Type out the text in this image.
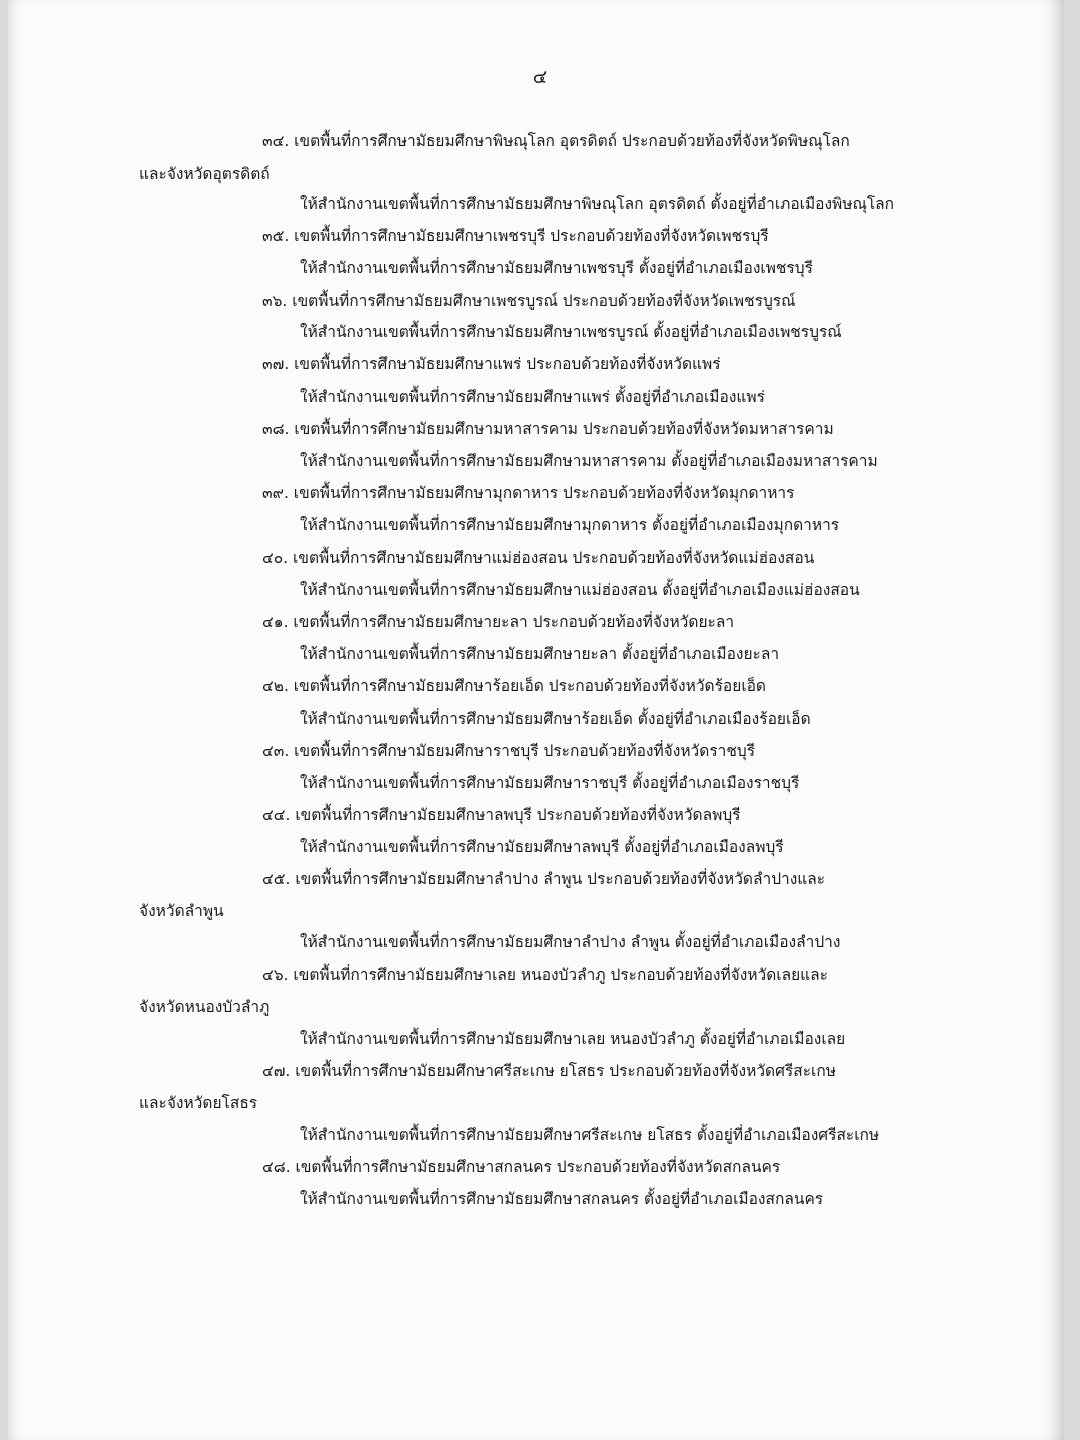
๔
๓๔. เขตพื้นที่การศึกษามัธยมศึกษาพิษณุโลก อุตรดิตถ์ ประกอบด้วยท้องที่จังหวัดพิษณุโลก
และจังหวัดอุตรดิตถ์
ให้สำนักงานเขตพื้นที่การศึกษามัธยมศึกษาพิษณุโลก อุตรดิตถ์ ตั้งอยู่ที่อำเภอเมืองพิษณุโลก
๓๕. เขตพื้นที่การศึกษามัธยมศึกษาเพชรบุรี ประกอบด้วยท้องที่จังหวัดเพชรบุรี
ให้สำนักงานเขตพื้นที่การศึกษามัธยมศึกษาเพชรบุรี ตั้งอยู่ที่อำเภอเมืองเพชรบุรี
๓๖. เขตพื้นที่การศึกษามัธยมศึกษาเพชรบูรณ์ ประกอบด้วยท้องที่จังหวัดเพชรบูรณ์
ให้สำนักงานเขตพื้นที่การศึกษามัธยมศึกษาเพชรบูรณ์ ตั้งอยู่ที่อำเภอเมืองเพชรบูรณ์
๓๗. เขตพื้นที่การศึกษามัธยมศึกษาแพร่ ประกอบด้วยท้องที่จังหวัดแพร่
ให้สำนักงานเขตพื้นที่การศึกษามัธยมศึกษาแพร่ ตั้งอยู่ที่อำเภอเมืองแพร่
๓๘. เขตพื้นที่การศึกษามัธยมศึกษามหาสารคาม ประกอบด้วยท้องที่จังหวัดมหาสารคาม
ให้สำนักงานเขตพื้นที่การศึกษามัธยมศึกษามหาสารคาม ตั้งอยู่ที่อำเภอเมืองมหาสารคาม
๓๙. เขตพื้นที่การศึกษามัธยมศึกษามุกดาหาร ประกอบด้วยท้องที่จังหวัดมุกดาหาร
ให้สำนักงานเขตพื้นที่การศึกษามัธยมศึกษามุกดาหาร ตั้งอยู่ที่อำเภอเมืองมุกดาหาร
๔๐. เขตพื้นที่การศึกษามัธยมศึกษาแม่ฮ่องสอน ประกอบด้วยท้องที่จังหวัดแม่ฮ่องสอน
ให้สำนักงานเขตพื้นที่การศึกษามัธยมศึกษาแม่ฮ่องสอน ตั้งอยู่ที่อำเภอเมืองแม่ฮ่องสอน
๔๑. เขตพื้นที่การศึกษามัธยมศึกษายะลา ประกอบด้วยท้องที่จังหวัดยะลา
ให้สำนักงานเขตพื้นที่การศึกษามัธยมศึกษายะลา ตั้งอยู่ที่อำเภอเมืองยะลา
๔๒. เขตพื้นที่การศึกษามัธยมศึกษาร้อยเอ็ด ประกอบด้วยท้องที่จังหวัดร้อยเอ็ด
ให้สำนักงานเขตพื้นที่การศึกษามัธยมศึกษาร้อยเอ็ด ตั้งอยู่ที่อำเภอเมืองร้อยเอ็ด
๔๓. เขตพื้นที่การศึกษามัธยมศึกษาราชบุรี ประกอบด้วยท้องที่จังหวัดราชบุรี
ให้สำนักงานเขตพื้นที่การศึกษามัธยมศึกษาราชบุรี ตั้งอยู่ที่อำเภอเมืองราชบุรี
๔๔. เขตพื้นที่การศึกษามัธยมศึกษาลพบุรี ประกอบด้วยท้องที่จังหวัดลพบุรี
ให้สำนักงานเขตพื้นที่การศึกษามัธยมศึกษาลพบุรี ตั้งอยู่ที่อำเภอเมืองลพบุรี
๔๕. เขตพื้นที่การศึกษามัธยมศึกษาลำปาง ลำพูน ประกอบด้วยท้องที่จังหวัดลำปางและ
จังหวัดลำพูน
ให้สำนักงานเขตพื้นที่การศึกษามัธยมศึกษาลำปาง ลำพูน ตั้งอยู่ที่อำเภอเมืองลำปาง
๔๖. เขตพื้นที่การศึกษามัธยมศึกษาเลย หนองบัวลำภู ประกอบด้วยท้องที่จังหวัดเลยและ
จังหวัดหนองบัวลำภู
ให้สำนักงานเขตพื้นที่การศึกษามัธยมศึกษาเลย หนองบัวลำภู ตั้งอยู่ที่อำเภอเมืองเลย
๔๗. เขตพื้นที่การศึกษามัธยมศึกษาศรีสะเกษ ยโสธร ประกอบด้วยท้องที่จังหวัดศรีสะเกษ
และจังหวัดยโสธร
ให้สำนักงานเขตพื้นที่การศึกษามัธยมศึกษาศรีสะเกษ ยโสธร ตั้งอยู่ที่อำเภอเมืองศรีสะเกษ
๔๘. เขตพื้นที่การศึกษามัธยมศึกษาสกลนคร ประกอบด้วยท้องที่จังหวัดสกลนคร
ให้สำนักงานเขตพื้นที่การศึกษามัธยมศึกษาสกลนคร ตั้งอยู่ที่อำเภอเมืองสกลนคร
